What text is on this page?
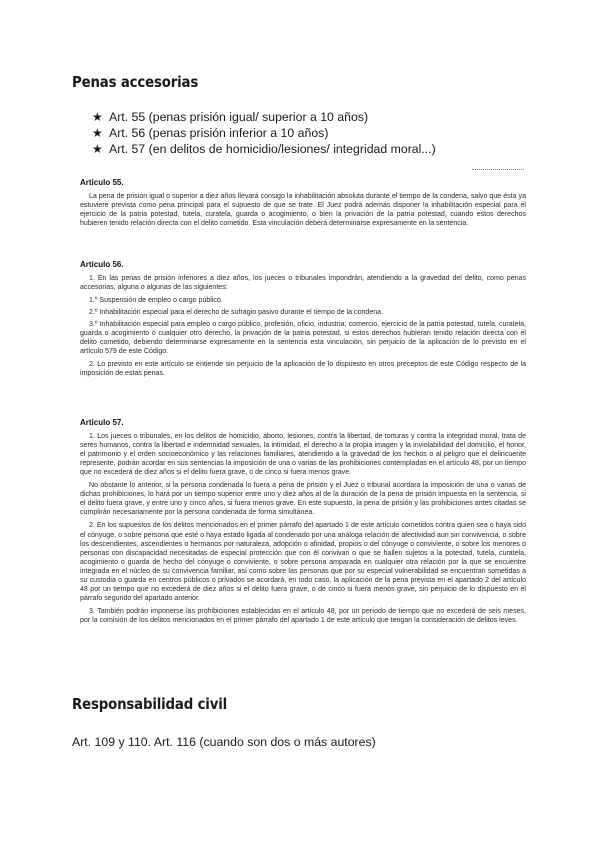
Penas accesorias
★ Art. 55 (penas prisión igual/ superior a 10 años)
★ Art. 56 (penas prisión inferior a 10 años)
★ Art. 57 (en delitos de homicidio/lesiones/ integridad moral...)
Artículo 55.

La pena de prisión igual o superior a diez años llevará consigo la inhabilitación absoluta durante el tiempo de la condena, salvo que ésta ya estuviere prevista como pena principal para el supuesto de que se trate. El Juez podrá además disponer la inhabilitación especial para el ejercicio de la patria potestad, tutela, curatela, guarda o acogimiento, o bien la privación de la patria potestad, cuando estos derechos hubieren tenido relación directa con el delito cometido. Esta vinculación deberá determinarse expresamente en la sentencia.

Artículo 56.

1. En las penas de prisión inferiores a diez años, los jueces o tribunales impondrán, atendiendo a la gravedad del delito, como penas accesorias, alguna o algunas de las siguientes:

1.º Suspensión de empleo o cargo público.

2.º Inhabilitación especial para el derecho de sufragio pasivo durante el tiempo de la condena.

3.º Inhabilitación especial para empleo o cargo público, profesión, oficio, industria, comercio, ejercicio de la patria potestad, tutela, curatela, guarda o acogimiento o cualquier otro derecho, la privación de la patria potestad, si estos derechos hubieran tenido relación directa con el delito cometido, debiendo determinarse expresamente en la sentencia esta vinculación, sin perjuicio de la aplicación de lo previsto en el artículo 579 de este Código.

2. Lo previsto en este artículo se entiende sin perjuicio de la aplicación de lo dispuesto en otros preceptos de este Código respecto de la imposición de estas penas.

Artículo 57.

1. Los jueces o tribunales, en los delitos de homicidio, aborto, lesiones, contra la libertad, de torturas y contra la integridad moral, trata de seres humanos, contra la libertad e indemnidad sexuales, la intimidad, el derecho a la propia imagen y la inviolabilidad del domicilio, el honor, el patrimonio y el orden socioeconómico y las relaciones familiares, atendiendo a la gravedad de los hechos o al peligro que el delincuente represente, podrán acordar en sus sentencias la imposición de una o varias de las prohibiciones contempladas en el artículo 48, por un tiempo que no excederá de diez años si el delito fuera grave, o de cinco si fuera menos grave.

No obstante lo anterior, si la persona condenada lo fuera a pena de prisión y el Juez o tribunal acordara la imposición de una o varias de dichas prohibiciones, lo hará por un tiempo superior entre uno y diez años al de la duración de la pena de prisión impuesta en la sentencia, si el delito fuera grave, y entre uno y cinco años, si fuera menos grave. En este supuesto, la pena de prisión y las prohibiciones antes citadas se cumplirán necesariamente por la persona condenada de forma simultánea.

2. En los supuestos de los delitos mencionados en el primer párrafo del apartado 1 de este artículo cometidos contra quien sea o haya sido el cónyuge, o sobre persona que esté o haya estado ligada al condenado por una análoga relación de afectividad aun sin convivencia, o sobre los descendientes, ascendientes o hermanos por naturaleza, adopción o afinidad, propios o del cónyuge o conviviente, o sobre los menores o personas con discapacidad necesitadas de especial protección que con él convivan o que se hallen sujetos a la potestad, tutela, curatela, acogimiento o guarda de hecho del cónyuge o conviviente, o sobre persona amparada en cualquier otra relación por la que se encuentre integrada en el núcleo de su convivencia familiar, así como sobre las personas que por su especial vulnerabilidad se encuentran sometidas a su custodia o guarda en centros públicos o privados se acordará, en todo caso, la aplicación de la pena prevista en el apartado 2 del artículo 48 por un tiempo que no excederá de diez años si el delito fuera grave, o de cinco si fuera menos grave, sin perjuicio de lo dispuesto en el párrafo segundo del apartado anterior.

3. También podrán imponerse las prohibiciones establecidas en el artículo 48, por un período de tiempo que no excederá de seis meses, por la comisión de los delitos mencionados en el primer párrafo del apartado 1 de este artículo que tengan la consideración de delitos leves.

Responsabilidad civil
Art. 109 y 110. Art. 116 (cuando son dos o más autores)
